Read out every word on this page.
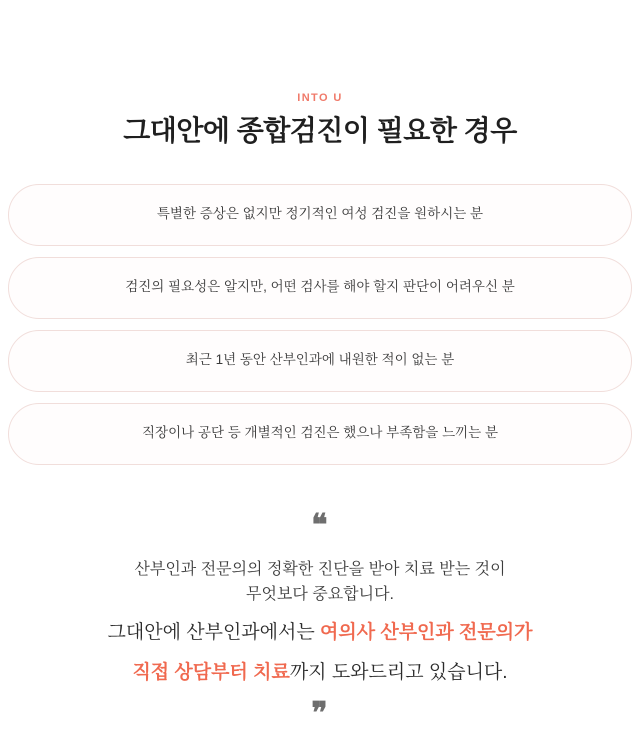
INTO U

그대안에 종합검진이 필요한 경우
특별한 증상은 없지만 정기적인 여성 검진을 원하시는 분
검진의 필요성은 알지만, 어떤 검사를 해야 할지 판단이 어려우신 분
최근 1년 동안 산부인과에 내원한 적이 없는 분
직장이나 공단 등 개별적인 검진은 했으나 부족함을 느끼는 분
❝

산부인과 전문의의 정확한 진단을 받아 치료 받는 것이

무엇보다 중요합니다.

그대안에 산부인과에서는 여의사 산부인과 전문의가

직접 상담부터 치료까지 도와드리고 있습니다.

❞
